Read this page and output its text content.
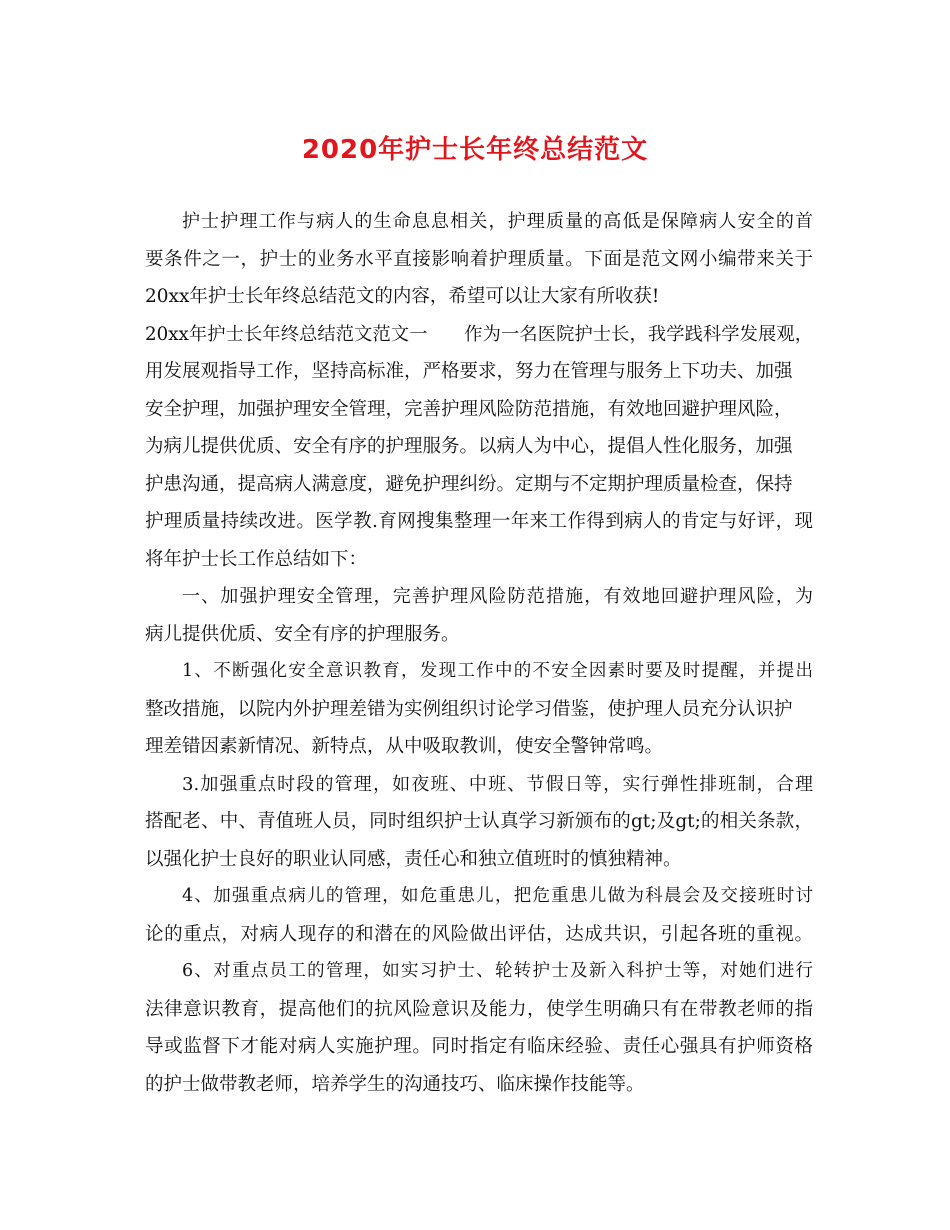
2020年护士长年终总结范文
护士护理工作与病人的生命息息相关，护理质量的高低是保障病人安全的首
要条件之一，护士的业务水平直接影响着护理质量。下面是范文网小编带来关于
20xx年护士长年终总结范文的内容，希望可以让大家有所收获!
20xx年护士长年终总结范文范文一　　作为一名医院护士长，我学践科学发展观，
用发展观指导工作，坚持高标准，严格要求，努力在管理与服务上下功夫、加强
安全护理，加强护理安全管理，完善护理风险防范措施，有效地回避护理风险，
为病儿提供优质、安全有序的护理服务。以病人为中心，提倡人性化服务，加强
护患沟通，提高病人满意度，避免护理纠纷。定期与不定期护理质量检查，保持
护理质量持续改进。医学教.育网搜集整理一年来工作得到病人的肯定与好评，现
将年护士长工作总结如下：
一、加强护理安全管理，完善护理风险防范措施，有效地回避护理风险，为
病儿提供优质、安全有序的护理服务。
1、不断强化安全意识教育，发现工作中的不安全因素时要及时提醒，并提出
整改措施，以院内外护理差错为实例组织讨论学习借鉴，使护理人员充分认识护
理差错因素新情况、新特点，从中吸取教训，使安全警钟常鸣。
3.加强重点时段的管理，如夜班、中班、节假日等，实行弹性排班制，合理
搭配老、中、青值班人员，同时组织护士认真学习新颁布的gt;及gt;的相关条款，
以强化护士良好的职业认同感，责任心和独立值班时的慎独精神。
4、加强重点病儿的管理，如危重患儿，把危重患儿做为科晨会及交接班时讨
论的重点，对病人现存的和潜在的风险做出评估，达成共识，引起各班的重视。
6、对重点员工的管理，如实习护士、轮转护士及新入科护士等，对她们进行
法律意识教育，提高他们的抗风险意识及能力，使学生明确只有在带教老师的指
导或监督下才能对病人实施护理。同时指定有临床经验、责任心强具有护师资格
的护士做带教老师，培养学生的沟通技巧、临床操作技能等。
